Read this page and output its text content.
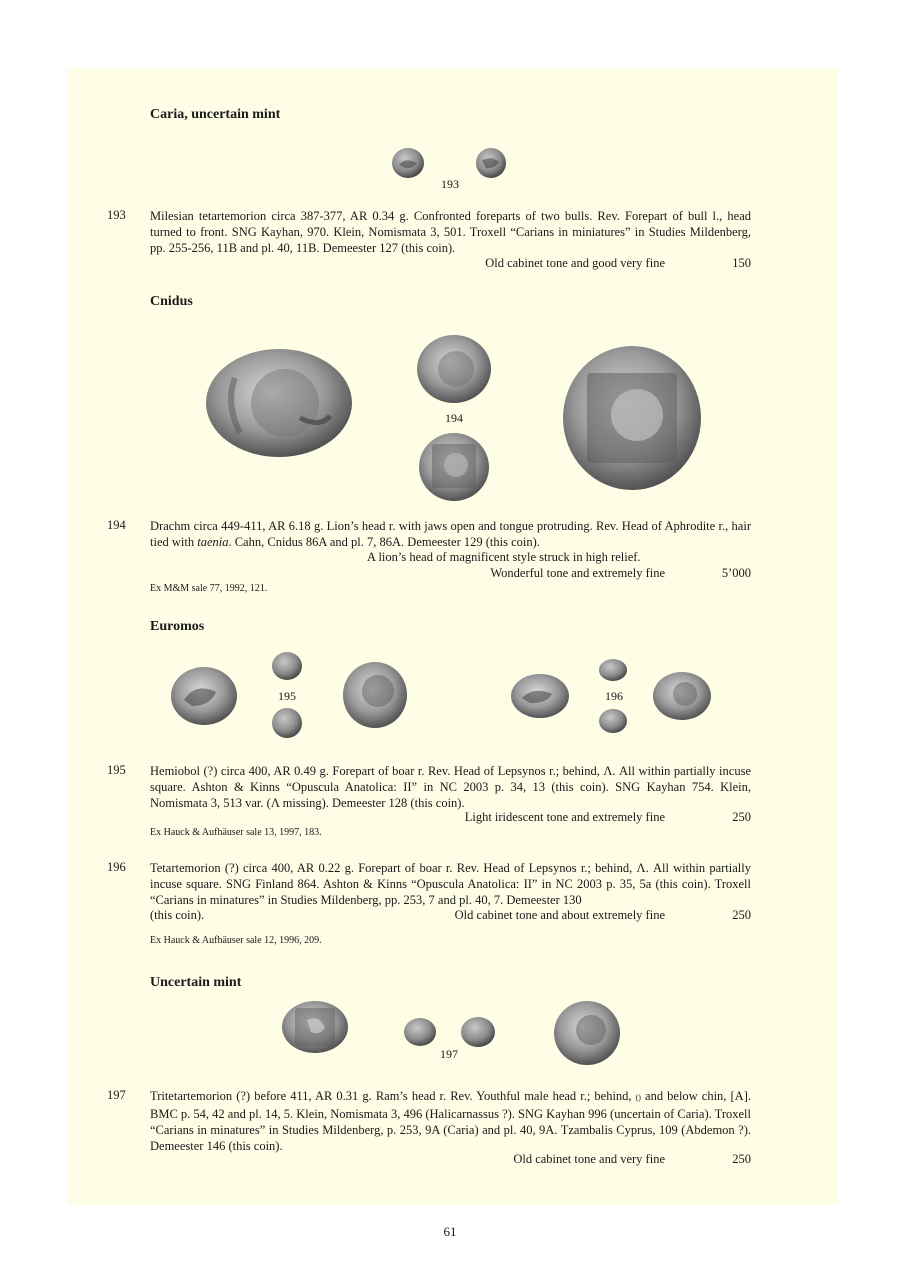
Caria, uncertain mint
193
193 Milesian tetartemorion circa 387-377, AR 0.34 g. Confronted foreparts of two bulls. Rev. Forepart of bull l., head turned to front. SNG Kayhan, 970. Klein, Nomismata 3, 501. Troxell “Carians in miniatures” in Studies Mildenberg, pp. 255-256, 11B and pl. 40, 11B. Demeester 127 (this coin).
Old cabinet tone and good very fine	150
Cnidus
194
194 Drachm circa 449-411, AR 6.18 g. Lion’s head r. with jaws open and tongue protruding. Rev. Head of Aphrodite r., hair tied with taenia. Cahn, Cnidus 86A and pl. 7, 86A. Demeester 129 (this coin).
A lion’s head of magnificent style struck in high relief.
Wonderful tone and extremely fine	5’000
Ex M&M sale 77, 1992, 121.
Euromos
195	196
195 Hemiobol (?) circa 400, AR 0.49 g. Forepart of boar r. Rev. Head of Lepsynos r.; behind, Λ. All within partially incuse square. Ashton & Kinns “Opuscula Anatolica: II” in NC 2003 p. 34, 13 (this coin). SNG Kayhan 754. Klein, Nomismata 3, 513 var. (Λ missing). Demeester 128 (this coin).
Light iridescent tone and extremely fine	250
Ex Hauck & Aufhäuser sale 13, 1997, 183.
196 Tetartemorion (?) circa 400, AR 0.22 g. Forepart of boar r. Rev. Head of Lepsynos r.; behind, Λ. All within partially incuse square. SNG Finland 864. Ashton & Kinns “Opuscula Anatolica: II” in NC 2003 p. 35, 5a (this coin). Troxell “Carians in minatures” in Studies Mildenberg, pp. 253, 7 and pl. 40, 7. Demeester 130
(this coin).	Old cabinet tone and about extremely fine	250
Ex Hauck & Aufhäuser sale 12, 1996, 209.
Uncertain mint
197
197 Tritetartemorion (?) before 411, AR 0.31 g. Ram’s head r. Rev. Youthful male head r.; behind, () and below chin, [A]. BMC p. 54, 42 and pl. 14, 5. Klein, Nomismata 3, 496 (Halicarnassus ?). SNG Kayhan 996 (uncertain of Caria). Troxell “Carians in minatures” in Studies Mildenberg, p. 253, 9A (Caria) and pl. 40, 9A. Tzambalis Cyprus, 109 (Abdemon ?). Demeester 146 (this coin).
Old cabinet tone and very fine	250
61
